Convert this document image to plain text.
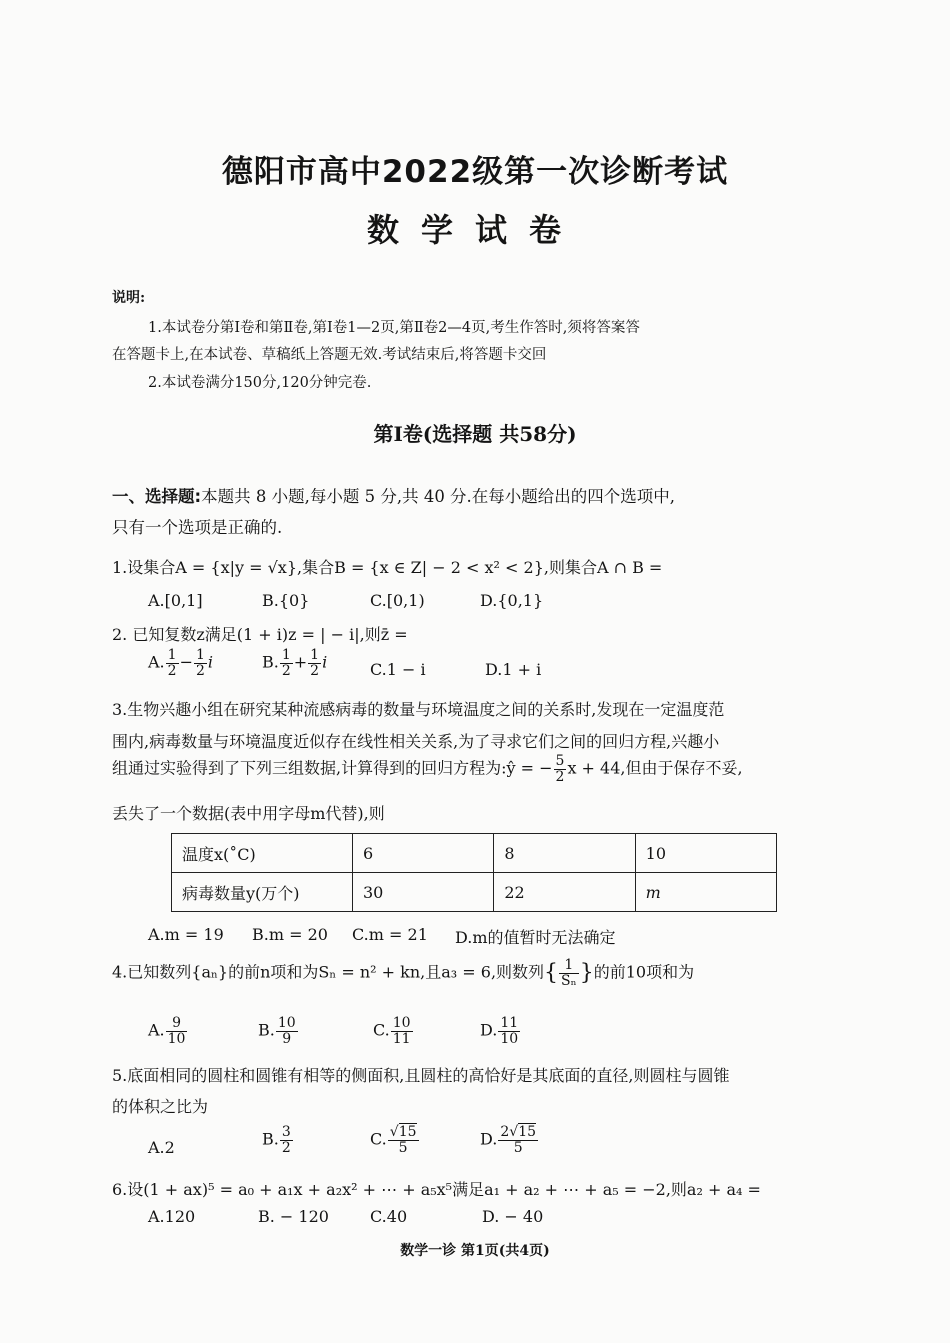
德阳市高中2022级第一次诊断考试
数学试卷
说明:
1.本试卷分第Ⅰ卷和第Ⅱ卷,第Ⅰ卷1—2页,第Ⅱ卷2—4页,考生作答时,须将答案答
在答题卡上,在本试卷、草稿纸上答题无效.考试结束后,将答题卡交回
2.本试卷满分150分,120分钟完卷.
第Ⅰ卷(选择题 共58分)
一、选择题:本题共 8 小题,每小题 5 分,共 40 分.在每小题给出的四个选项中,
只有一个选项是正确的.
1.设集合A = {x|y = √x},集合B = {x ∈ Z| − 2 < x² < 2},则集合A ∩ B =
A.[0,1]	B.{0}	C.[0,1)	D.{0,1}
2. 已知复数z满足(1 + i)z = | − i|,则z̄ =
A. $\frac{1}{2} - \frac{1}{2}$ i	B. $\frac{1}{2} + \frac{1}{2}$ i	C.1 − i	D.1 + i
3.生物兴趣小组在研究某种流感病毒的数量与环境温度之间的关系时,发现在一定温度范
围内,病毒数量与环境温度近似存在线性相关关系,为了寻求它们之间的回归方程,兴趣小
组通过实验得到了下列三组数据,计算得到的回归方程为:ŷ = − $\frac{5}{2}$ x + 44,但由于保存不妥,
丢失了一个数据(表中用字母m代替),则
温度x(˚C)	6	8	10
病毒数量y(万个)	30	22	m
A.m = 19 B.m = 20 C.m = 21 D.m的值暂时无法确定
4.已知数列{aₙ}的前n项和为Sₙ = n² + kn,且a₃ = 6,则数列{ $\frac{1}{\text{Sₙ}}$ }的前10项和为
A. $\frac{9}{10}$	B. $\frac{10}{9}$	C. $\frac{10}{11}$	D. $\frac{11}{10}$
5.底面相同的圆柱和圆锥有相等的侧面积,且圆柱的高恰好是其底面的直径,则圆柱与圆锥
的体积之比为
A.2	B. $\frac{3}{2}$	C. $\frac{√15}{5}$	D. $\frac{2√15}{5}$
6.设(1 + ax)⁵ = a₀ + a₁x + a₂x² + ⋯ + a₅x⁵满足a₁ + a₂ + ⋯ + a₅ = −2,则a₂ + a₄ =
A.120	B. − 120	C.40	D. − 40
数学一诊 第1页(共4页)
